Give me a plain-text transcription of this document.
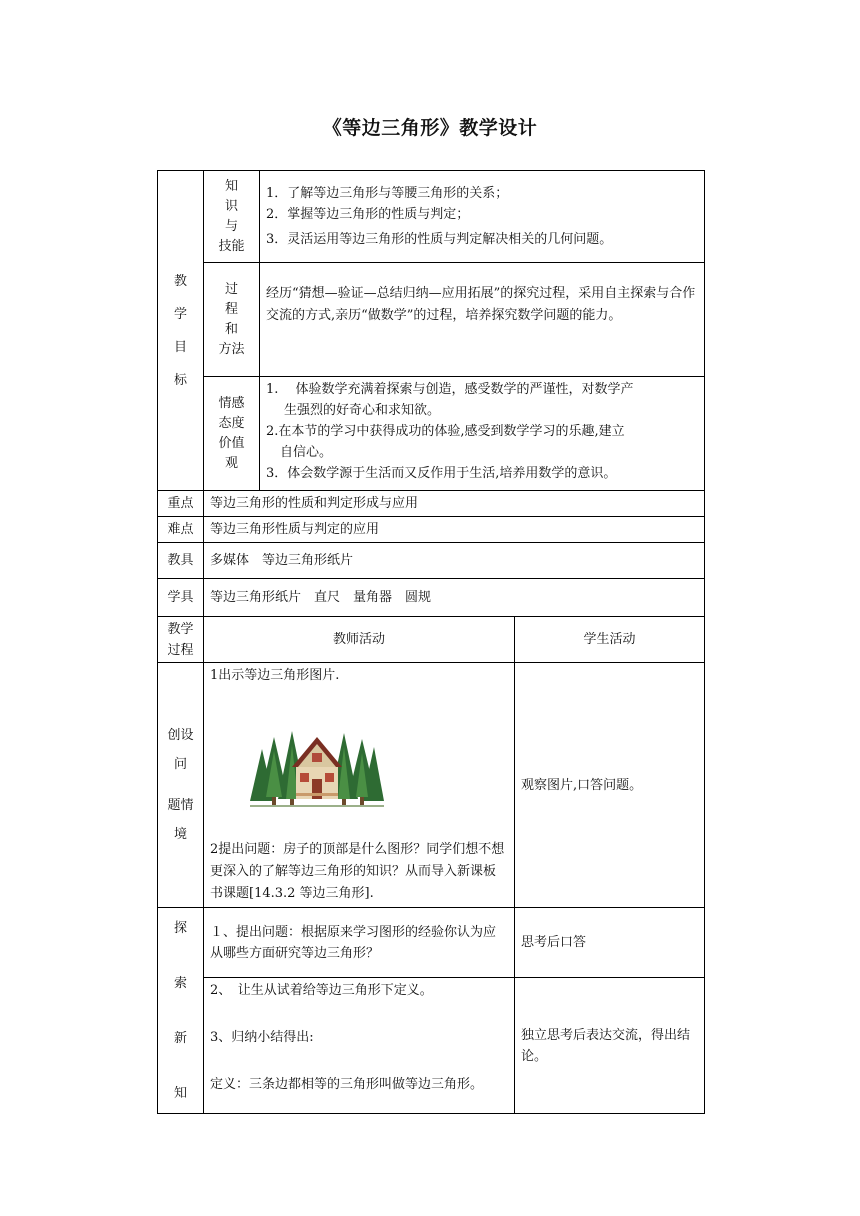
《等边三角形》教学设计
教
学
目
标	知
识
与
技能	1．了解等边三角形与等腰三角形的关系；
2．掌握等边三角形的性质与判定；
3．灵活运用等边三角形的性质与判定解决相关的几何问题。	

	过
程
和
方法	经历“猜想—验证—总结归纳—应用拓展”的探究过程，采用自主探索与合作交流的方式,亲历“做数学”的过程，培养探究数学问题的能力。	

	情感
态度
价值
观	1.　 体验数学充满着探索与创造，感受数学的严谨性，对数学产
生强烈的好奇心和求知欲。
2.在本节的学习中获得成功的体验,感受到数学学习的乐趣,建立
自信心。
3．体会数学源于生活而又反作用于生活,培养用数学的意识。	

重点	等边三角形的性质和判定形成与应用		
难点	等边三角形性质与判定的应用		
教具	多媒体　等边三角形纸片		
学具	等边三角形纸片　直尺　量角器　圆规		

教学
过程	教师活动		学生活动

创设
问
题情
境	1出示等边三角形图片.
2提出问题：房子的顶部是什么图形？同学们想不想更深入的了解等边三角形的知识？从而导入新课板书课题[14.3.2 等边三角形].		观察图片,口答问题。

探
索
新
知	１、提出问题：根据原来学习图形的经验你认为应从哪些方面研究等边三角形？		思考后口答

	2、　让生从试着给等边三角形下定义。
3、归纳小结得出:
定义：三条边都相等的三角形叫做等边三角形。		独立思考后表达交流，得出结论。
